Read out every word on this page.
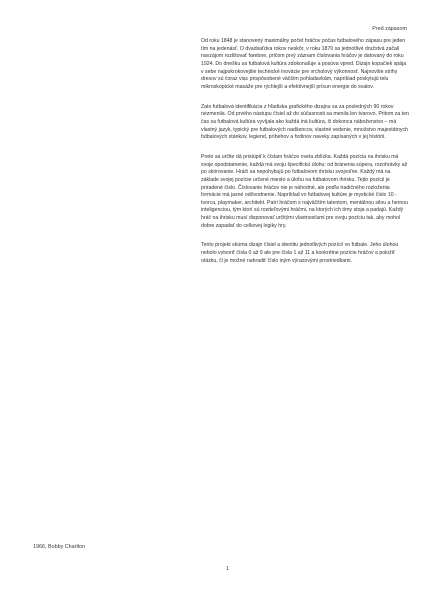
Pred zápasom

Od roku 1848 je stanovený maximálny počet hráčov počas futbalového zápasu pre jeden tím na jedenásť. O dvadsaťdva rokov neskôr, v roku 1870 sa jednotlivé družstvá začali navzájom rozlišovať farebne, pričom prvý záznam číslovania hráčov je datovaný do roku 1924. Do dnešku sa futbalová kultúra zdokonaľuje a posúva vpred. Dizajn kopačiek spája v sebe najpokrokovejšie technické inovácie pre vrcholový výkonnosť. Najnovšie strihy dresov sú čoraz viac prispôsobené väčším pohladavkám, napríklad poskytujú telu mikroskopické masáže pre rýchlejší a efektívnejší prísun energie do svalov.

Zato futbalová identifikácia z hľadiska grafického dizajnu sa za posledných 90 rokov nezmenila. Od prvého nástupu čísiel až do súčasnosti sa menila len tvarovo. Pritom za ten čas sa futbalová kultúra vyvíjala ako každá iná kultúra, či dokonca náboženstvo – má vlastný jazyk, typický pre futbalových nadšencov, vlastné vedenie, množstvo majestátnych futbalových stánkov, legiend, príbehov a hrdinov naveky zapísaných v jej histórii.

Preto sa určite dá pristúpiť k číslam hráčov ovela zblízka. Každá pozícia na ihrisku má svoje opodstatnenie, každá má svoju špecifickú úlohu: od bránenia súpera, rozohrávky až po skórovanie. Hráči sa nepohybujú po futbalovom ihrisku svojvoľne. Každý má na základe svojej pozície určené miesto a úlohu na futbalovom ihrisku. Tejto pozícii je priradené číslo. Číslovanie hráčov nie je náhodné, ale podľa tradičného rozloženia formácie má jasné odôvodnenie. Napríklad vo futbalovej kultúre je mystické číslo 10 - tvorca, playmaker, architekt. Patrí hráčom s najväčším talentom, mentálnou silou a hernou inteligenciou, tým ktorí sú rozdeľovými hráčmi, na ktorých ich tímy stoja a padajú. Každý hráč na ihrisku musí disponovať určitými vlastnosťami pre svoju pozíciu tak, aby mohol dobre zapadať do celkovej logiky hry.

Tento projekt skúma dizajn čísiel a identitu jednotlivých pozícií vo futbale. Jeho úlohou nebolo vytvoriť čísla 0 až 9 ale pre čísla 1 až 11 a konkrétne pozície hráčov a položiť otázku, či je možné nahradiť číslo iným výrazovými prostriedkami.

1966, Bobby Charlton
1
